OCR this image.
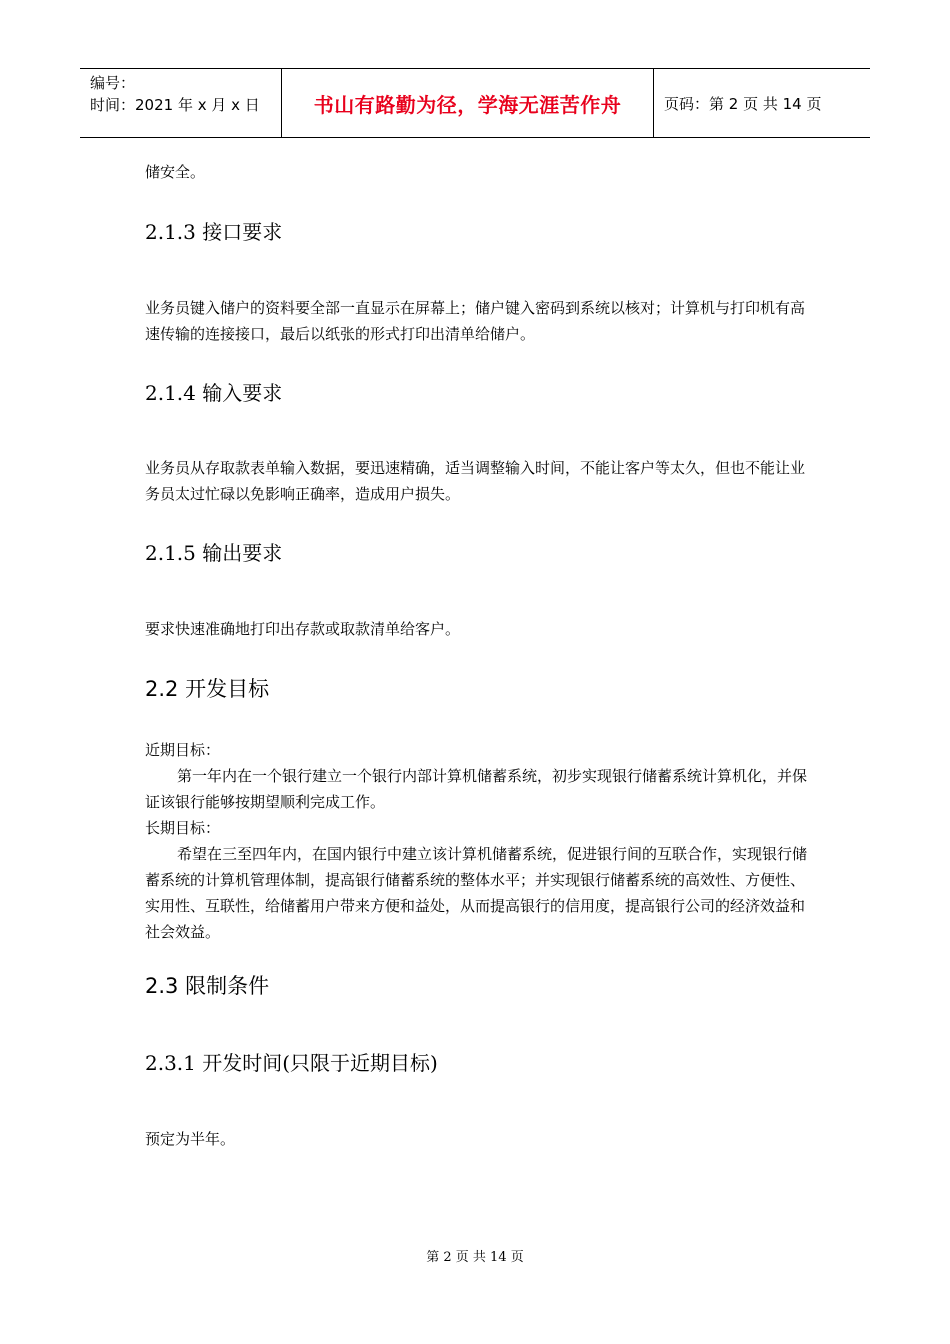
编号：
时间：2021 年 x 月 x 日	书山有路勤为径，学海无涯苦作舟	页码：第 2 页 共 14 页
储安全。
2.1.3 接口要求
业务员键入储户的资料要全部一直显示在屏幕上；储户键入密码到系统以核对；计算机与打印机有高速传输的连接接口，最后以纸张的形式打印出清单给储户。
2.1.4 输入要求
业务员从存取款表单输入数据，要迅速精确，适当调整输入时间，不能让客户等太久，但也不能让业务员太过忙碌以免影响正确率，造成用户损失。
2.1.5 输出要求
要求快速准确地打印出存款或取款清单给客户。
2.2 开发目标
近期目标：
第一年内在一个银行建立一个银行内部计算机储蓄系统，初步实现银行储蓄系统计算机化，并保证该银行能够按期望顺利完成工作。
长期目标：
希望在三至四年内，在国内银行中建立该计算机储蓄系统，促进银行间的互联合作，实现银行储蓄系统的计算机管理体制，提高银行储蓄系统的整体水平；并实现银行储蓄系统的高效性、方便性、实用性、互联性，给储蓄用户带来方便和益处，从而提高银行的信用度，提高银行公司的经济效益和社会效益。
2.3 限制条件
2.3.1 开发时间(只限于近期目标)
预定为半年。
第 2 页 共 14 页
